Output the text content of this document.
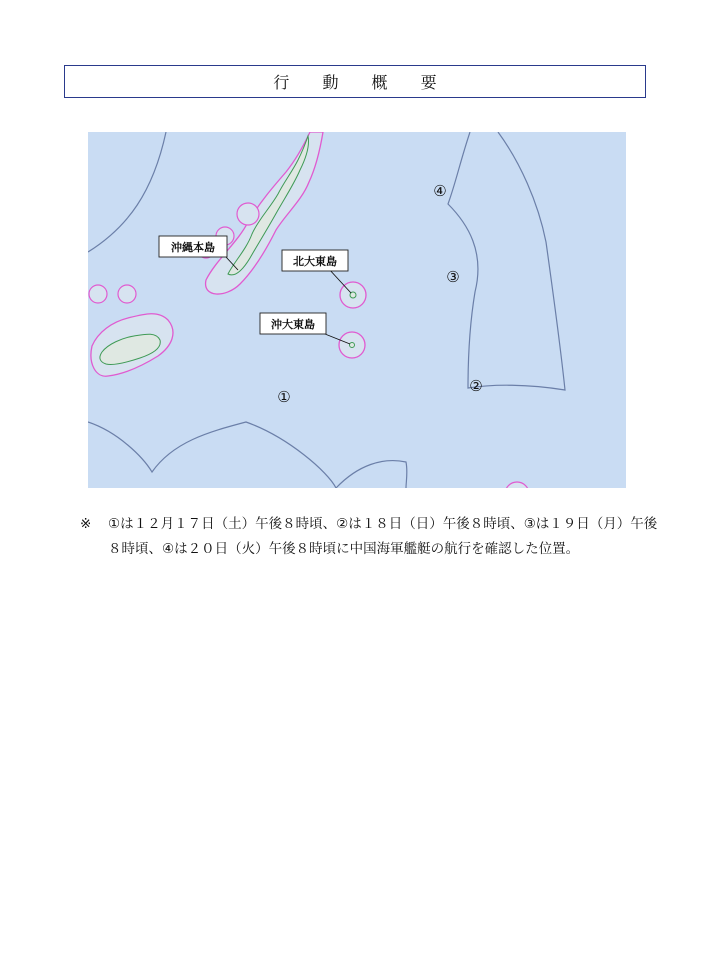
行 動 概 要
沖縄本島
北大東島
沖大東島
①
②
③
④
※ ①は１２月１７日（土）午後８時頃、②は１８日（日）午後８時頃、③は１９日（月）午後８時頃、④は２０日（火）午後８時頃に中国海軍艦艇の航行を確認した位置。
